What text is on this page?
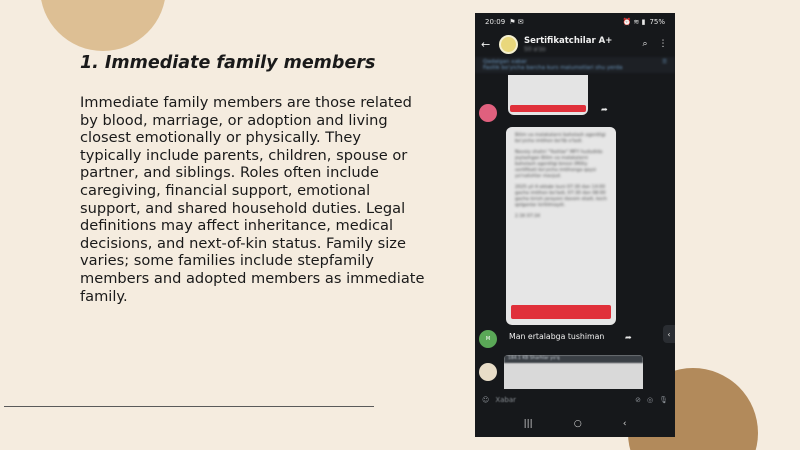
1. Immediate family members

Immediate family members are those related by blood, marriage, or adoption and living closest emotionally or physically. They typically include parents, children, spouse or partner, and siblings. Roles often include caregiving, financial support, emotional support, and shared household duties. Legal definitions may affect inheritance, medical decisions, and next-of-kin status. Family size varies; some families include stepfamily members and adopted members as immediate family.

20:09 ⚑ ✉	⏰ ≋ ▮ 75%
←	Sertifikatchilar A+
50 a'zo	⌕	⋮
Qadalgan xabar
Fasllik bo'yicha barcha kurs malumotlari shu yerda
☰
➦

Bilim va malakalarni baholash agentligi bo'yicha imtihon bo'lib o'tadi.

Navoiy shahri "Yoshlar" MFY hududida joylashgan Bilim va malakalarni baholash agentligi binosi (Milliy sertifikat) bo'yicha imtihonga qaysi yo'nalishlar mavjud.

2025 yil 4-oktabr kuni 07:30 dan 14:00 gacha imtihon bo'ladi, 07:30 dan 08:00 gacha kirish jarayoni davom etadi, kech qolganlar kiritilmaydi.

2.1K 07:34

M Man ertalabga tushiman	➦	‹
184.1 KB Sharhlar yo'q
☺ Xabar	⊘ ◎ 🎙
|||	○	‹
